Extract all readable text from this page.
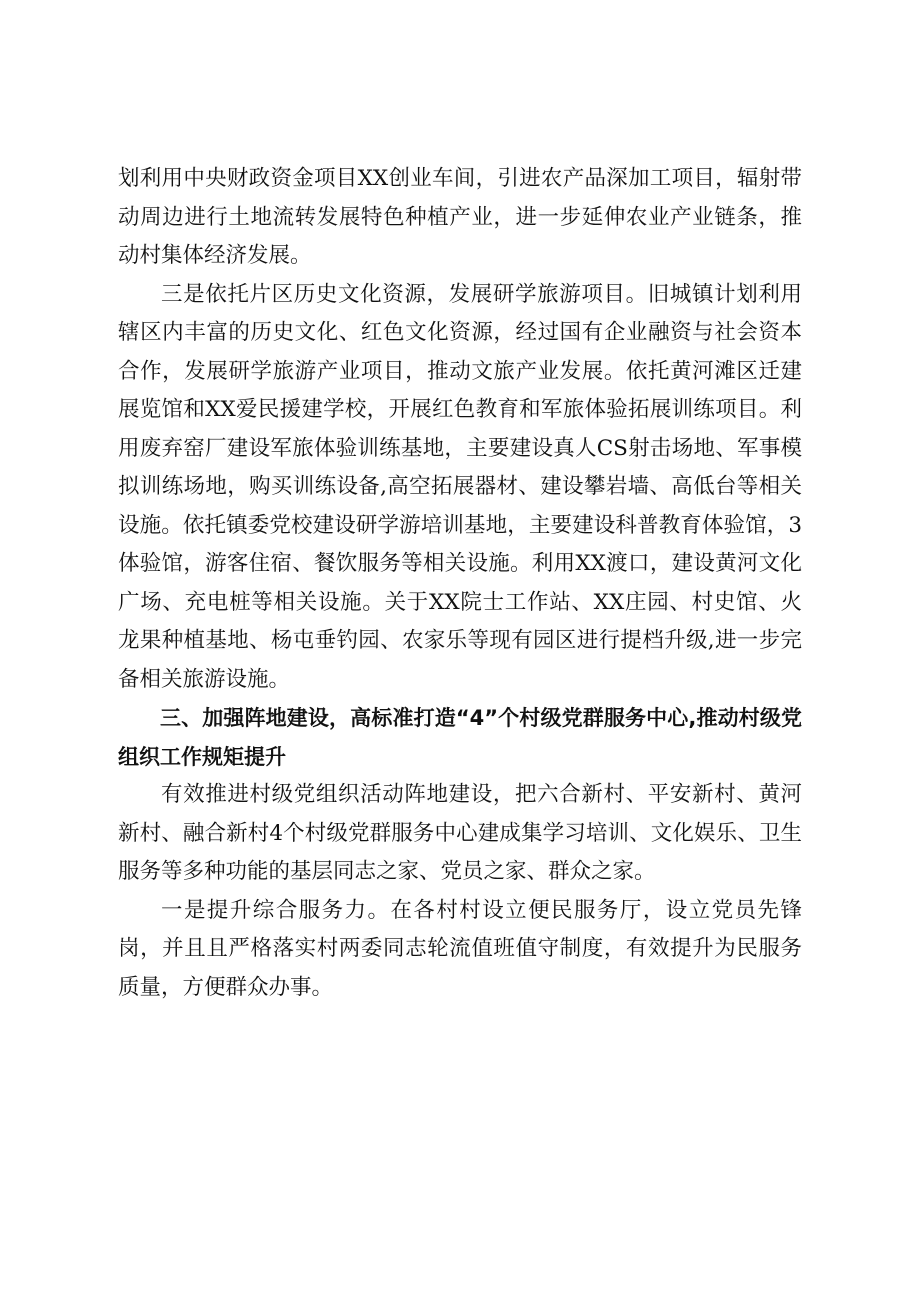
划利用中央财政资金项目XX创业车间，引进农产品深加工项目，辐射带动周边进行土地流转发展特色种植产业，进一步延伸农业产业链条，推动村集体经济发展。

三是依托片区历史文化资源，发展研学旅游项目。旧城镇计划利用辖区内丰富的历史文化、红色文化资源，经过国有企业融资与社会资本合作，发展研学旅游产业项目，推动文旅产业发展。依托黄河滩区迁建展览馆和XX爱民援建学校，开展红色教育和军旅体验拓展训练项目。利用废弃窑厂建设军旅体验训练基地，主要建设真人CS射击场地、军事模拟训练场地，购买训练设备,高空拓展器材、建设攀岩墙、高低台等相关设施。依托镇委党校建设研学游培训基地，主要建设科普教育体验馆，3体验馆，游客住宿、餐饮服务等相关设施。利用XX渡口，建设黄河文化广场、充电桩等相关设施。关于XX院士工作站、XX庄园、村史馆、火龙果种植基地、杨屯垂钓园、农家乐等现有园区进行提档升级,进一步完备相关旅游设施。

三、加强阵地建设，高标准打造“4”个村级党群服务中心,推动村级党组织工作规矩提升

有效推进村级党组织活动阵地建设，把六合新村、平安新村、黄河新村、融合新村4个村级党群服务中心建成集学习培训、文化娱乐、卫生服务等多种功能的基层同志之家、党员之家、群众之家。

一是提升综合服务力。在各村村设立便民服务厅，设立党员先锋岗，并且且严格落实村两委同志轮流值班值守制度，有效提升为民服务质量，方便群众办事。
